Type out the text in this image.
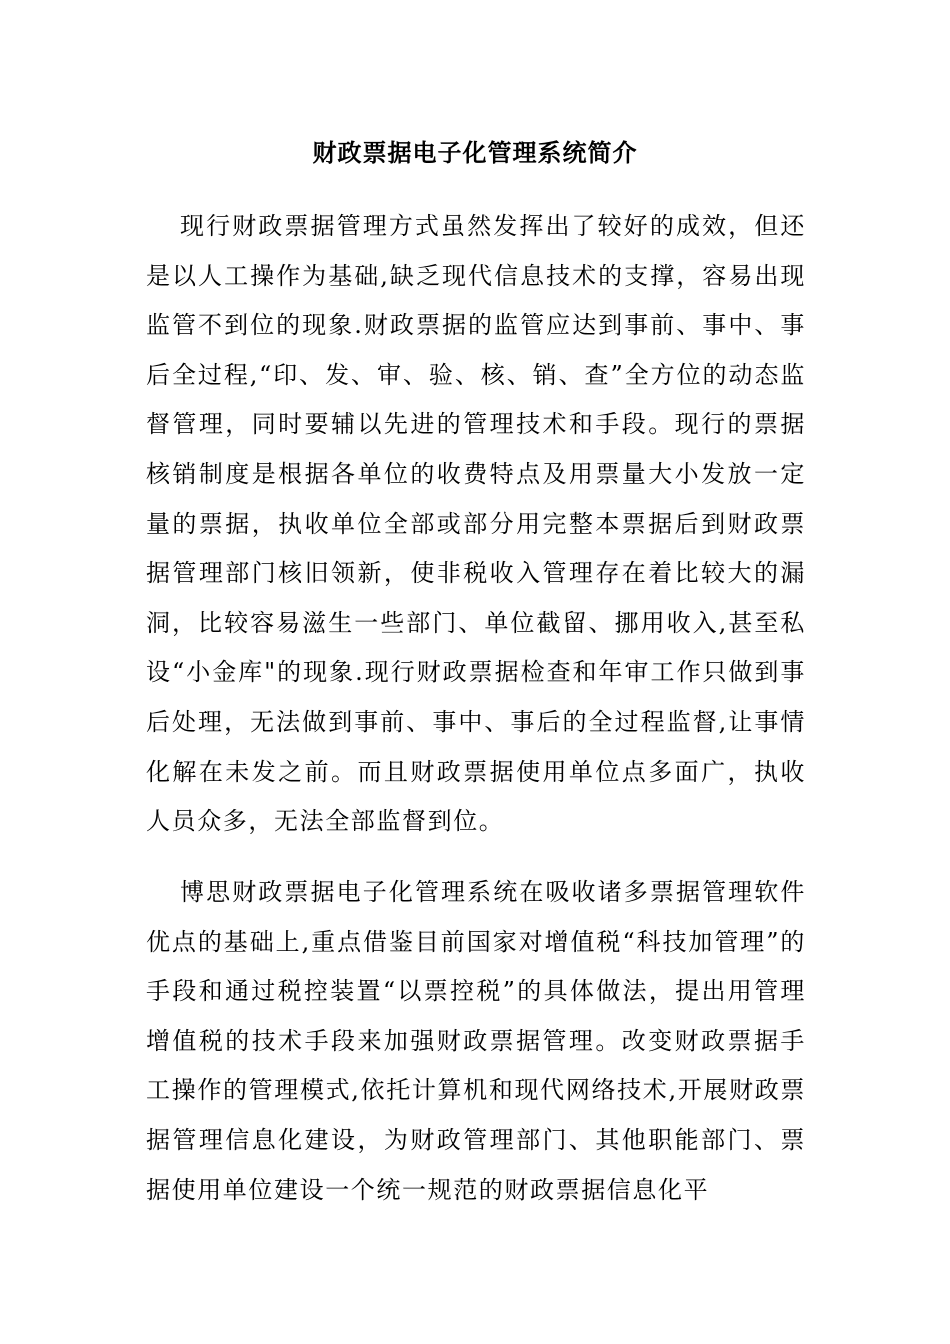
财政票据电子化管理系统简介

现行财政票据管理方式虽然发挥出了较好的成效，但还是以人工操作为基础,缺乏现代信息技术的支撑，容易出现监管不到位的现象.财政票据的监管应达到事前、事中、事后全过程,“印、发、审、验、核、销、查”全方位的动态监督管理，同时要辅以先进的管理技术和手段。现行的票据核销制度是根据各单位的收费特点及用票量大小发放一定量的票据，执收单位全部或部分用完整本票据后到财政票据管理部门核旧领新，使非税收入管理存在着比较大的漏洞，比较容易滋生一些部门、单位截留、挪用收入,甚至私设“小金库"的现象.现行财政票据检查和年审工作只做到事后处理，无法做到事前、事中、事后的全过程监督,让事情化解在未发之前。而且财政票据使用单位点多面广，执收人员众多，无法全部监督到位。

博思财政票据电子化管理系统在吸收诸多票据管理软件优点的基础上,重点借鉴目前国家对增值税“科技加管理”的手段和通过税控装置“以票控税”的具体做法，提出用管理增值税的技术手段来加强财政票据管理。改变财政票据手工操作的管理模式,依托计算机和现代网络技术,开展财政票据管理信息化建设，为财政管理部门、其他职能部门、票据使用单位建设一个统一规范的财政票据信息化平
